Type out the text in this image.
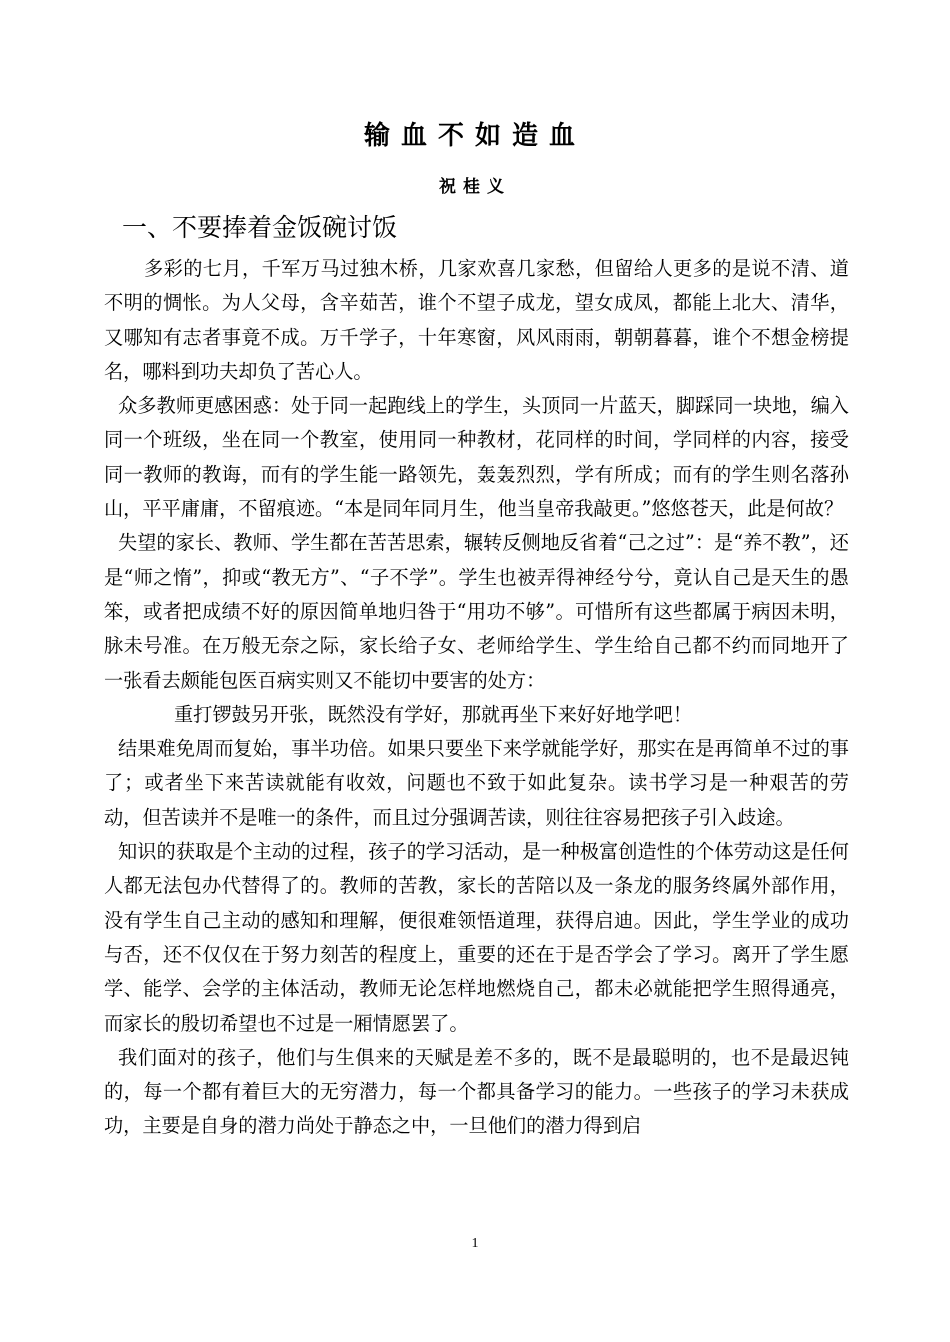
输血不如造血
祝桂义
一、不要捧着金饭碗讨饭

多彩的七月，千军万马过独木桥，几家欢喜几家愁，但留给人更多的是说不清、道不明的惆怅。为人父母，含辛茹苦，谁个不望子成龙，望女成凤，都能上北大、清华，又哪知有志者事竟不成。万千学子，十年寒窗，风风雨雨，朝朝暮暮，谁个不想金榜提名，哪料到功夫却负了苦心人。

众多教师更感困惑：处于同一起跑线上的学生，头顶同一片蓝天，脚踩同一块地，编入同一个班级，坐在同一个教室，使用同一种教材，花同样的时间，学同样的内容，接受同一教师的教诲，而有的学生能一路领先，轰轰烈烈，学有所成；而有的学生则名落孙山，平平庸庸，不留痕迹。“本是同年同月生，他当皇帝我敲更。”悠悠苍天，此是何故？

失望的家长、教师、学生都在苦苦思索，辗转反侧地反省着“己之过”：是“养不教”，还是“师之惰”，抑或“教无方”、“子不学”。学生也被弄得神经兮兮，竟认自己是天生的愚笨，或者把成绩不好的原因简单地归咎于“用功不够”。可惜所有这些都属于病因未明，脉未号准。在万般无奈之际，家长给子女、老师给学生、学生给自己都不约而同地开了一张看去颇能包医百病实则又不能切中要害的处方：

重打锣鼓另开张，既然没有学好，那就再坐下来好好地学吧！

结果难免周而复始，事半功倍。如果只要坐下来学就能学好，那实在是再简单不过的事了；或者坐下来苦读就能有收效，问题也不致于如此复杂。读书学习是一种艰苦的劳动，但苦读并不是唯一的条件，而且过分强调苦读，则往往容易把孩子引入歧途。

知识的获取是个主动的过程，孩子的学习活动，是一种极富创造性的个体劳动这是任何人都无法包办代替得了的。教师的苦教，家长的苦陪以及一条龙的服务终属外部作用，没有学生自己主动的感知和理解，便很难领悟道理，获得启迪。因此，学生学业的成功与否，还不仅仅在于努力刻苦的程度上，重要的还在于是否学会了学习。离开了学生愿学、能学、会学的主体活动，教师无论怎样地燃烧自己，都未必就能把学生照得通亮，而家长的殷切希望也不过是一厢情愿罢了。

我们面对的孩子，他们与生俱来的天赋是差不多的，既不是最聪明的，也不是最迟钝的，每一个都有着巨大的无穷潜力，每一个都具备学习的能力。一些孩子的学习未获成功，主要是自身的潜力尚处于静态之中，一旦他们的潜力得到启

1
